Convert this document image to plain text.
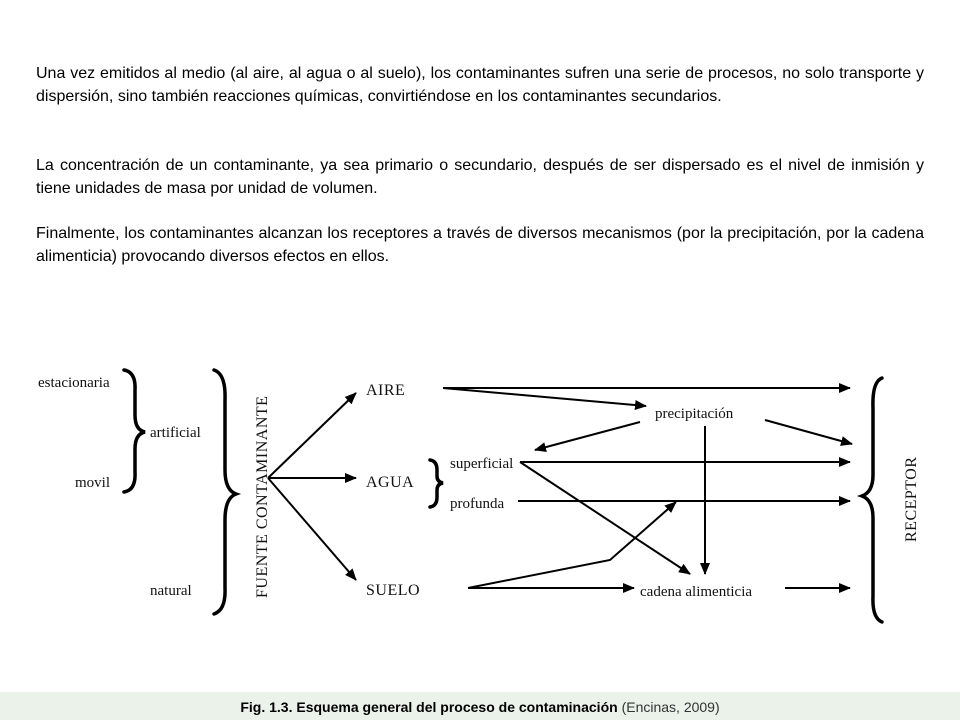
Una vez emitidos al medio (al aire, al agua o al suelo), los contaminantes sufren una serie de procesos, no solo transporte y dispersión, sino también reacciones químicas, convirtiéndose en los contaminantes secundarios.

La concentración de un contaminante, ya sea primario o secundario, después de ser dispersado es el nivel de inmisión y tiene unidades de masa por unidad de volumen.

Finalmente, los contaminantes alcanzan los receptores a través de diversos mecanismos (por la precipitación, por la cadena alimenticia) provocando diversos efectos en ellos.

estacionaria
movil
artificial
natural	FUENTE CONTAMINANTE
AIRE
AGUA
SUELO
superficial
profunda
precipitación
cadena alimenticia
RECEPTOR
Fig. 1.3. Esquema general del proceso de contaminación (Encinas, 2009)
